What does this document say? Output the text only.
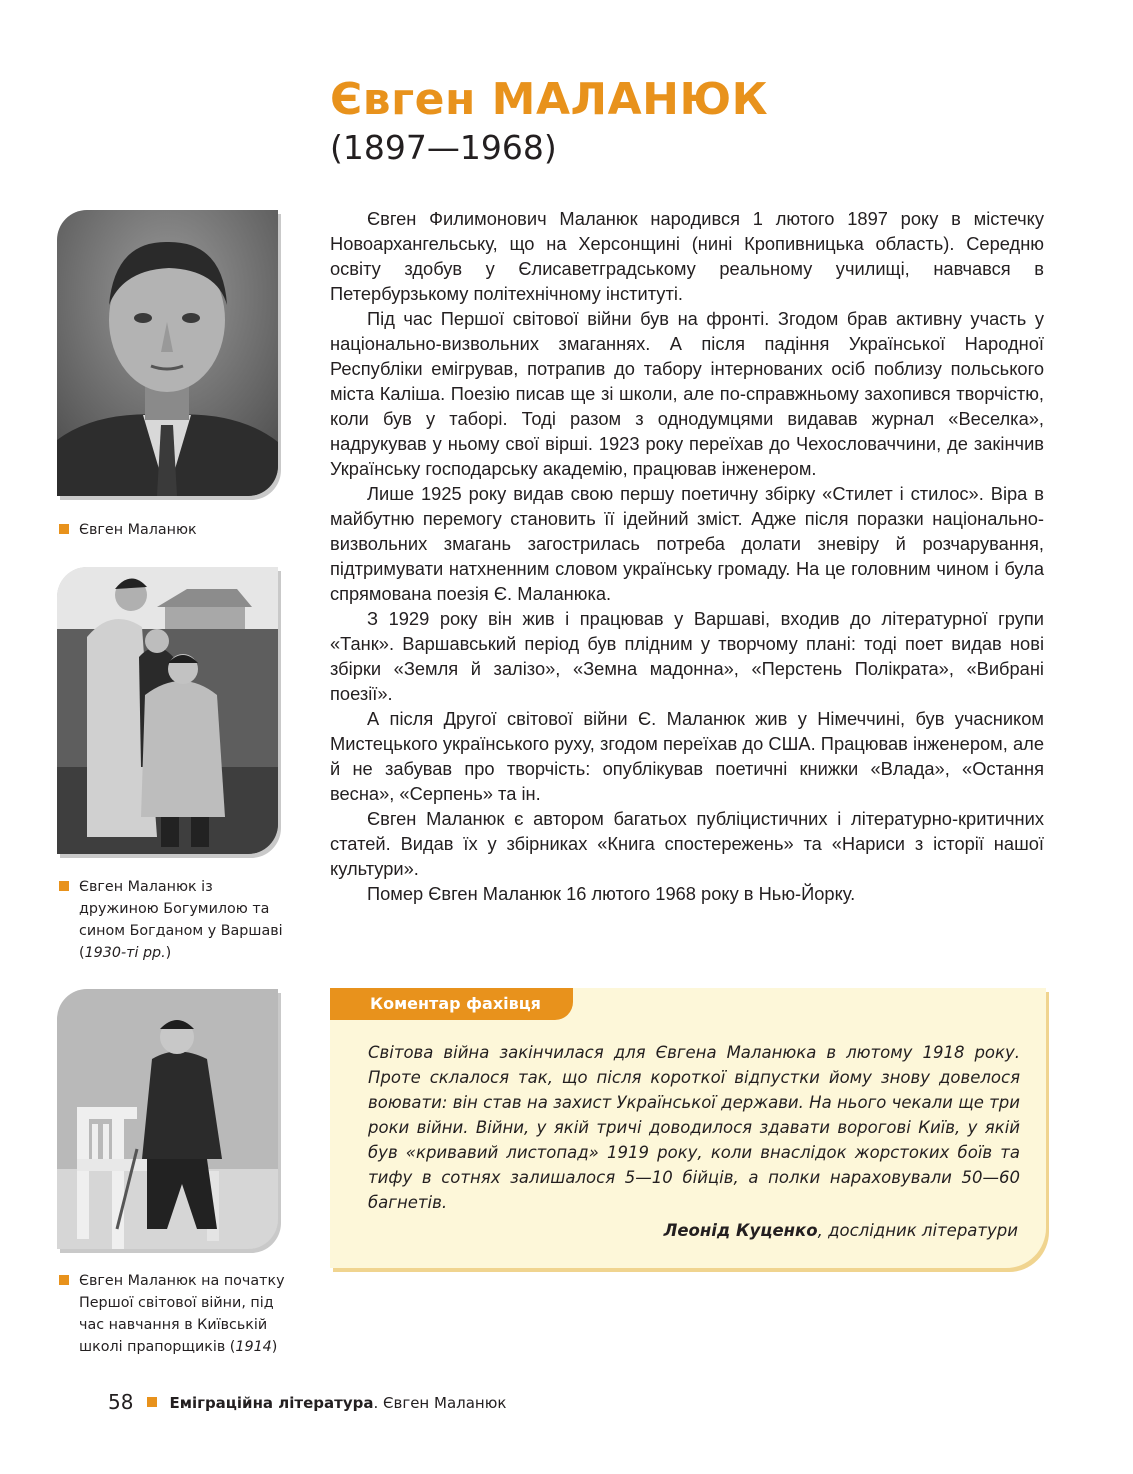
Євген МАЛАНЮК
(1897—1968)
Євген Маланюк
Євген Маланюк із дружиною Богумилою та сином Богданом у Варшаві (1930-ті рр.)
Євген Маланюк на початку Першої світової війни, під час навчання в Київській школі прапорщиків (1914)

Євген Филимонович Маланюк народився 1 лютого 1897 року в містечку Новоархангельську, що на Херсонщині (нині Кропивницька область). Середню освіту здобув у Єлисаветградському реальному училищі, навчався в Петербурзькому політехнічному інституті.

Під час Першої світової війни був на фронті. Згодом брав активну участь у національно-визвольних змаганнях. А після падіння Української Народної Республіки емігрував, потрапив до табору інтернованих осіб поблизу польського міста Каліша. Поезію писав ще зі школи, але по-справжньому захопився творчістю, коли був у таборі. Тоді разом з однодумцями видавав журнал «Веселка», надрукував у ньому свої вірші. 1923 року переїхав до Чехословаччини, де закінчив Українську господарську академію, працював інженером.

Лише 1925 року видав свою першу поетичну збірку «Стилет і стилос». Віра в майбутню перемогу становить її ідейний зміст. Адже після поразки національно-визвольних змагань загострилась потреба долати зневіру й розчарування, підтримувати натхненним словом українську громаду. На це головним чином і була спрямована поезія Є. Маланюка.

З 1929 року він жив і працював у Варшаві, входив до літературної групи «Танк». Варшавський період був плідним у творчому плані: тоді поет видав нові збірки «Земля й залізо», «Земна мадонна», «Перстень Полікрата», «Вибрані поезії».

А після Другої світової війни Є. Маланюк жив у Німеччині, був учасником Мистецького українського руху, згодом переїхав до США. Працював інженером, але й не забував про творчість: опублікував поетичні книжки «Влада», «Остання весна», «Серпень» та ін.

Євген Маланюк є автором багатьох публіцистичних і літературно-критичних статей. Видав їх у збірниках «Книга спостережень» та «Нариси з історії нашої культури».

Помер Євген Маланюк 16 лютого 1968 року в Нью-Йорку.

Коментар фахівця

Світова війна закінчилася для Євгена Маланюка в лютому 1918 року. Проте склалося так, що після короткої відпустки йому знову довелося воювати: він став на захист Української держави. На нього чекали ще три роки війни. Війни, у якій тричі доводилося здавати ворогові Київ, у якій був «кривавий листопад» 1919 року, коли внаслідок жорстоких боїв та тифу в сотнях залишалося 5—10 бійців, а полки нараховували 50—60 багнетів.

Леонід Куценко, дослідник літератури
58 Еміграційна література. Євген Маланюк
